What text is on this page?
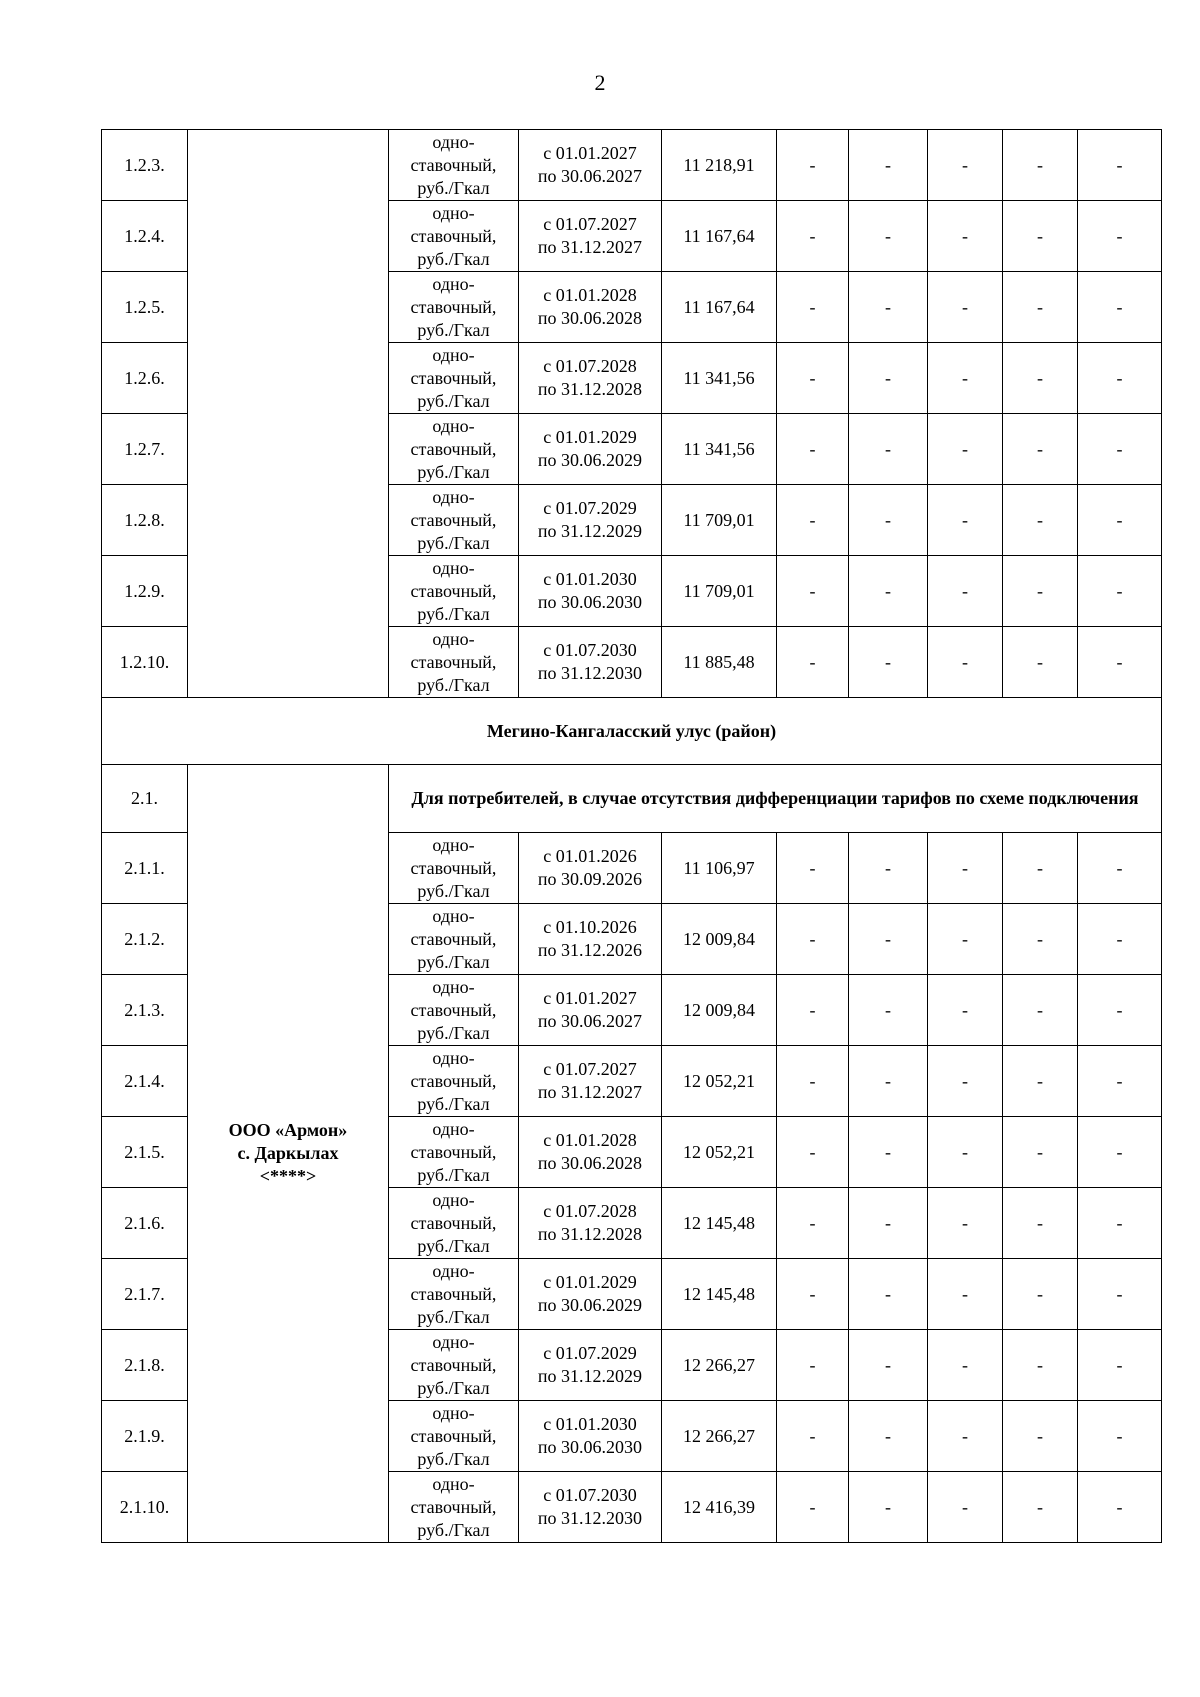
2
1.2.3.		одно-
ставочный,
руб./Гкал	с 01.01.2027
по 30.06.2027	11 218,91	-	-	-	-	-
1.2.4.		одно-
ставочный,
руб./Гкал	с 01.07.2027
по 31.12.2027	11 167,64	-	-	-	-	-
1.2.5.		одно-
ставочный,
руб./Гкал	с 01.01.2028
по 30.06.2028	11 167,64	-	-	-	-	-
1.2.6.		одно-
ставочный,
руб./Гкал	с 01.07.2028
по 31.12.2028	11 341,56	-	-	-	-	-
1.2.7.		одно-
ставочный,
руб./Гкал	с 01.01.2029
по 30.06.2029	11 341,56	-	-	-	-	-
1.2.8.		одно-
ставочный,
руб./Гкал	с 01.07.2029
по 31.12.2029	11 709,01	-	-	-	-	-
1.2.9.		одно-
ставочный,
руб./Гкал	с 01.01.2030
по 30.06.2030	11 709,01	-	-	-	-	-
1.2.10.		одно-
ставочный,
руб./Гкал	с 01.07.2030
по 31.12.2030	11 885,48	-	-	-	-	-
Мегино-Кангаласский улус (район)									
2.1.	ООО «Армон»
с. Даркылах
<****>	Для потребителей, в случае отсутствия дифференциации тарифов по схеме подключения							
2.1.1.		одно-
ставочный,
руб./Гкал	с 01.01.2026
по 30.09.2026	11 106,97	-	-	-	-	-
2.1.2.		одно-
ставочный,
руб./Гкал	с 01.10.2026
по 31.12.2026	12 009,84	-	-	-	-	-
2.1.3.		одно-
ставочный,
руб./Гкал	с 01.01.2027
по 30.06.2027	12 009,84	-	-	-	-	-
2.1.4.		одно-
ставочный,
руб./Гкал	с 01.07.2027
по 31.12.2027	12 052,21	-	-	-	-	-
2.1.5.		одно-
ставочный,
руб./Гкал	с 01.01.2028
по 30.06.2028	12 052,21	-	-	-	-	-
2.1.6.		одно-
ставочный,
руб./Гкал	с 01.07.2028
по 31.12.2028	12 145,48	-	-	-	-	-
2.1.7.		одно-
ставочный,
руб./Гкал	с 01.01.2029
по 30.06.2029	12 145,48	-	-	-	-	-
2.1.8.		одно-
ставочный,
руб./Гкал	с 01.07.2029
по 31.12.2029	12 266,27	-	-	-	-	-
2.1.9.		одно-
ставочный,
руб./Гкал	с 01.01.2030
по 30.06.2030	12 266,27	-	-	-	-	-
2.1.10.		одно-
ставочный,
руб./Гкал	с 01.07.2030
по 31.12.2030	12 416,39	-	-	-	-	-
